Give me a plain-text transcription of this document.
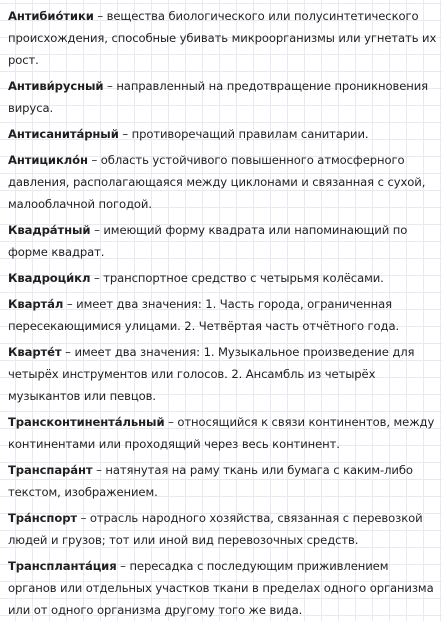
Антибио́тики – вещества биологического или полусинтетического происхождения, способные убивать микроорганизмы или угнетать их рост.

Антиви́русный – направленный на предотвращение проникновения вируса.

Антисанита́рный – противоречащий правилам санитарии.

Антицикло́н – область устойчивого повышенного атмосферного давления, располагающаяся между циклонами и связанная с сухой, малооблачной погодой.

Квадра́тный – имеющий форму квадрата или напоминающий по форме квадрат.

Квадроци́кл – транспортное средство с четырьмя колёсами.

Кварта́л – имеет два значения: 1. Часть города, ограниченная пересекающимися улицами. 2. Четвёртая часть отчётного года.

Кварте́т – имеет два значения: 1. Музыкальное произведение для четырёх инструментов или голосов. 2. Ансамбль из четырёх музыкантов или певцов.

Трансконтинента́льный – относящийся к связи континентов, между континентами или проходящий через весь континент.

Транспара́нт – натянутая на раму ткань или бумага с каким-либо текстом, изображением.

Тра́нспорт – отрасль народного хозяйства, связанная с перевозкой людей и грузов; тот или иной вид перевозочных средств.

Транспланта́ция – пересадка с последующим приживлением органов или отдельных участков ткани в пределах одного организма или от одного организма другому того же вида.
